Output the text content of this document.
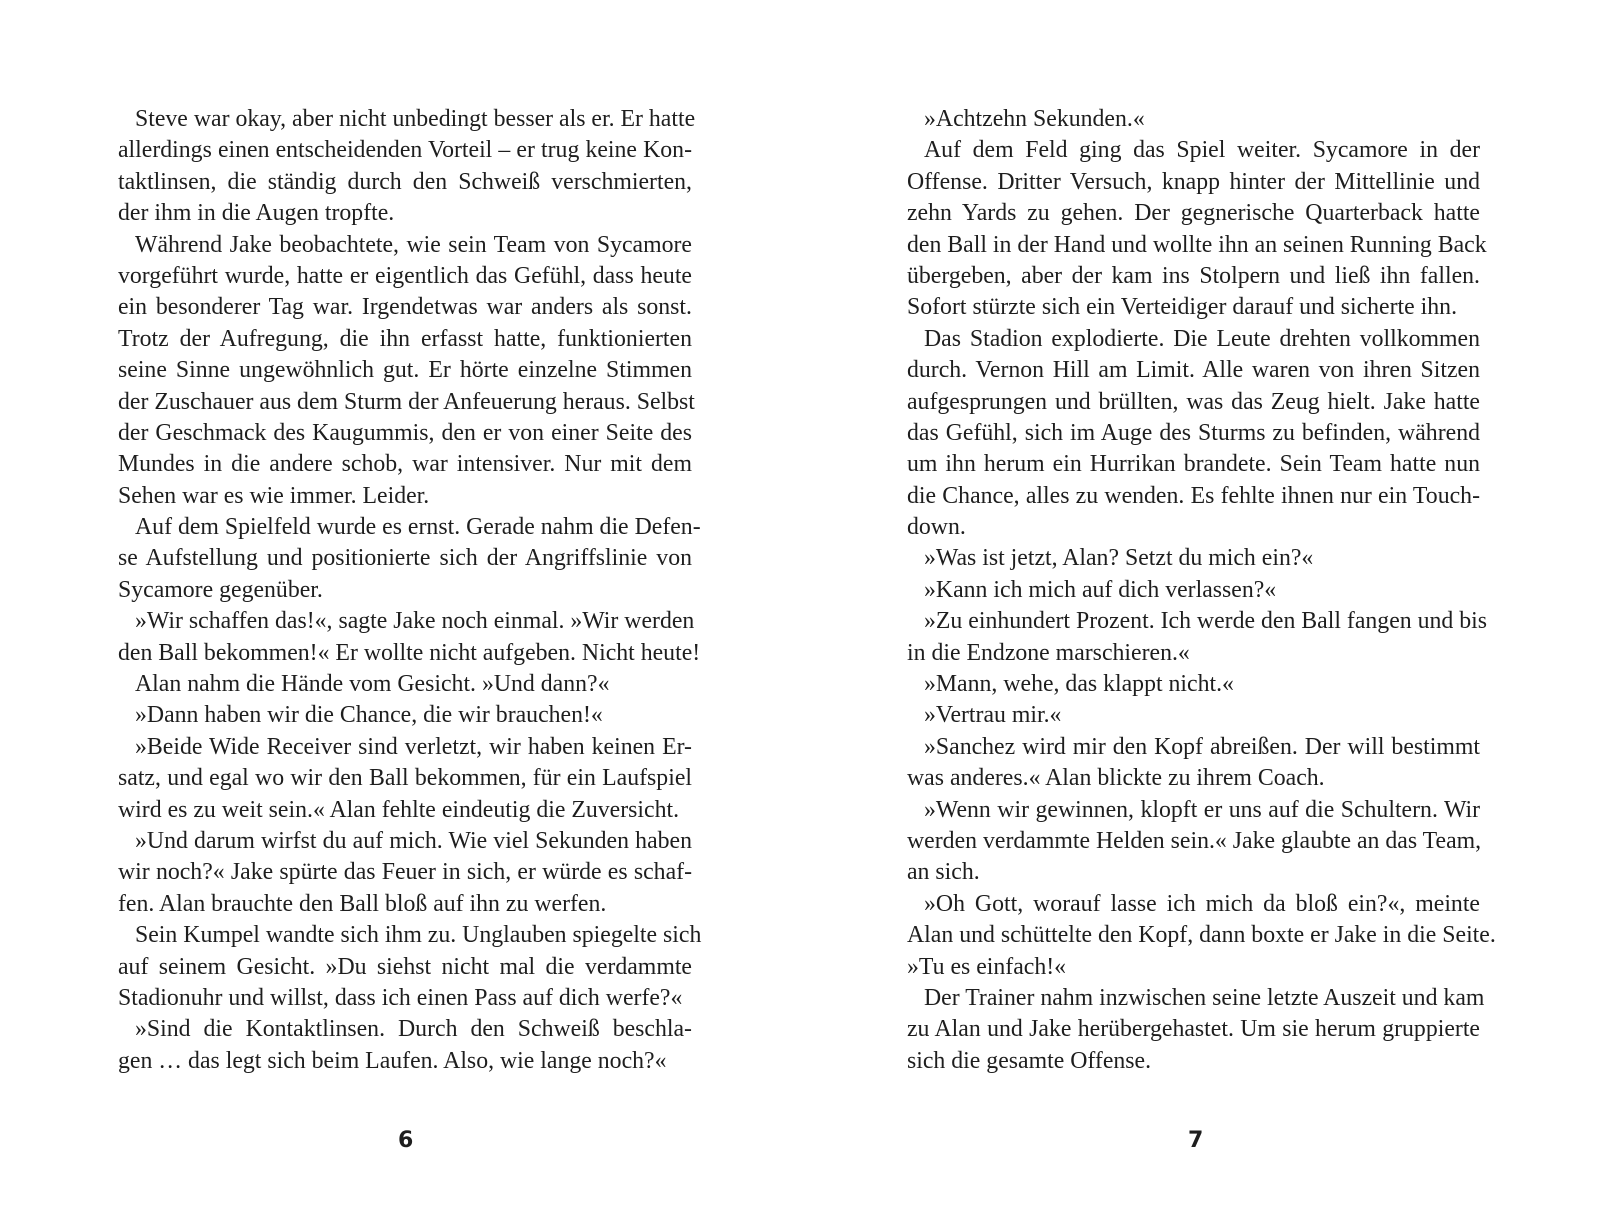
Steve war okay, aber nicht unbedingt besser als er. Er hatte
allerdings einen entscheidenden Vorteil – er trug keine Kon-
taktlinsen, die ständig durch den Schweiß verschmierten,
der ihm in die Augen tropfte.
Während Jake beobachtete, wie sein Team von Sycamore
vorgeführt wurde, hatte er eigentlich das Gefühl, dass heute
ein besonderer Tag war. Irgendetwas war anders als sonst.
Trotz der Aufregung, die ihn erfasst hatte, funktionierten
seine Sinne ungewöhnlich gut. Er hörte einzelne Stimmen
der Zuschauer aus dem Sturm der Anfeuerung heraus. Selbst
der Geschmack des Kaugummis, den er von einer Seite des
Mundes in die andere schob, war intensiver. Nur mit dem
Sehen war es wie immer. Leider.
Auf dem Spielfeld wurde es ernst. Gerade nahm die Defen-
se Aufstellung und positionierte sich der Angriffslinie von
Sycamore gegenüber.
»Wir schaffen das!«, sagte Jake noch einmal. »Wir werden
den Ball bekommen!« Er wollte nicht aufgeben. Nicht heute!
Alan nahm die Hände vom Gesicht. »Und dann?«
»Dann haben wir die Chance, die wir brauchen!«
»Beide Wide Receiver sind verletzt, wir haben keinen Er-
satz, und egal wo wir den Ball bekommen, für ein Laufspiel
wird es zu weit sein.« Alan fehlte eindeutig die Zuversicht.
»Und darum wirfst du auf mich. Wie viel Sekunden haben
wir noch?« Jake spürte das Feuer in sich, er würde es schaf-
fen. Alan brauchte den Ball bloß auf ihn zu werfen.
Sein Kumpel wandte sich ihm zu. Unglauben spiegelte sich
auf seinem Gesicht. »Du siehst nicht mal die verdammte
Stadionuhr und willst, dass ich einen Pass auf dich werfe?«
»Sind die Kontaktlinsen. Durch den Schweiß beschla-
gen … das legt sich beim Laufen. Also, wie lange noch?«
»Achtzehn Sekunden.«
Auf dem Feld ging das Spiel weiter. Sycamore in der
Offense. Dritter Versuch, knapp hinter der Mittellinie und
zehn Yards zu gehen. Der gegnerische Quarterback hatte
den Ball in der Hand und wollte ihn an seinen Running Back
übergeben, aber der kam ins Stolpern und ließ ihn fallen.
Sofort stürzte sich ein Verteidiger darauf und sicherte ihn.
Das Stadion explodierte. Die Leute drehten vollkommen
durch. Vernon Hill am Limit. Alle waren von ihren Sitzen
aufgesprungen und brüllten, was das Zeug hielt. Jake hatte
das Gefühl, sich im Auge des Sturms zu befinden, während
um ihn herum ein Hurrikan brandete. Sein Team hatte nun
die Chance, alles zu wenden. Es fehlte ihnen nur ein Touch-
down.
»Was ist jetzt, Alan? Setzt du mich ein?«
»Kann ich mich auf dich verlassen?«
»Zu einhundert Prozent. Ich werde den Ball fangen und bis
in die Endzone marschieren.«
»Mann, wehe, das klappt nicht.«
»Vertrau mir.«
»Sanchez wird mir den Kopf abreißen. Der will bestimmt
was anderes.« Alan blickte zu ihrem Coach.
»Wenn wir gewinnen, klopft er uns auf die Schultern. Wir
werden verdammte Helden sein.« Jake glaubte an das Team,
an sich.
»Oh Gott, worauf lasse ich mich da bloß ein?«, meinte
Alan und schüttelte den Kopf, dann boxte er Jake in die Seite.
»Tu es einfach!«
Der Trainer nahm inzwischen seine letzte Auszeit und kam
zu Alan und Jake herübergehastet. Um sie herum gruppierte
sich die gesamte Offense.
6	7
